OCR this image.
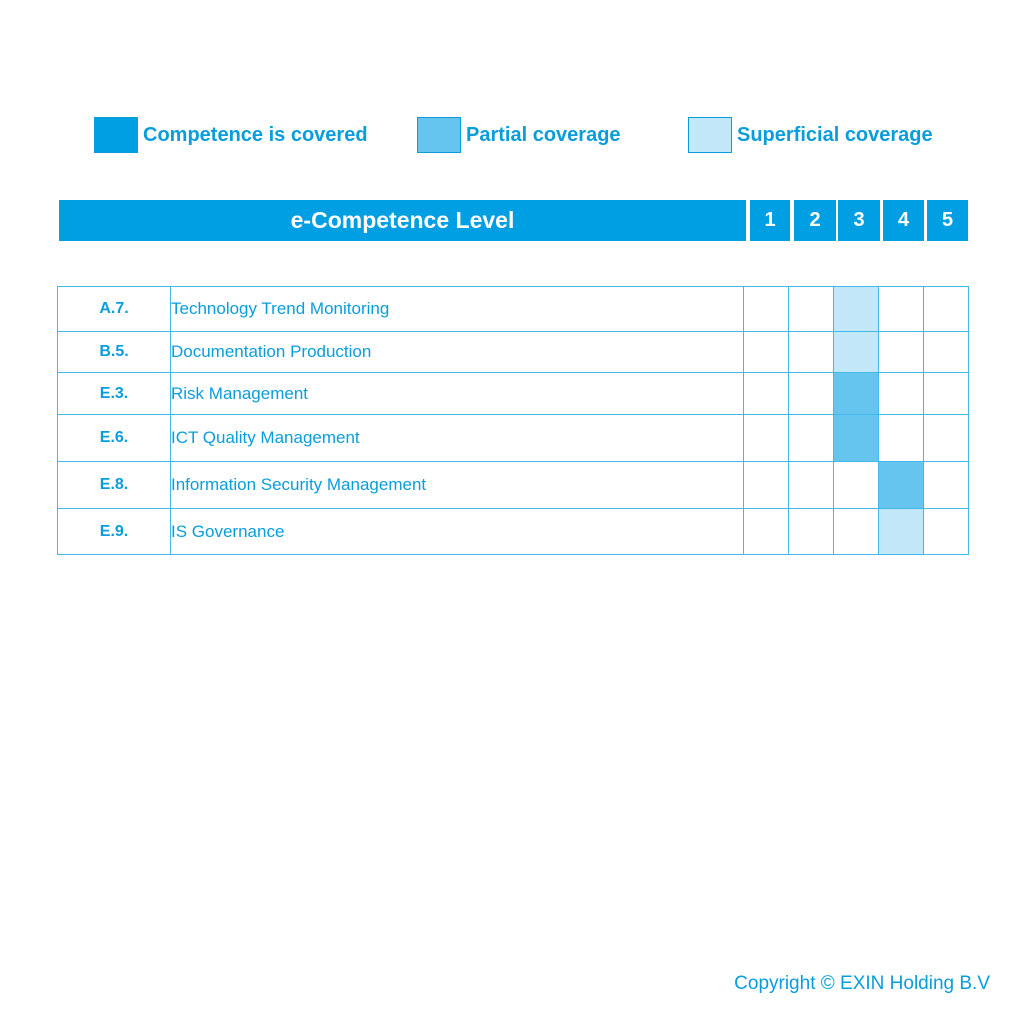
Competence is covered	Partial coverage	Superficial coverage
e-Competence Level	1	2	3	4	5
A.7.	Technology Trend Monitoring					
B.5.	Documentation Production					
E.3.	Risk Management					
E.6.	ICT Quality Management					
E.8.	Information Security Management					
E.9.	IS Governance					
Copyright © EXIN Holding B.V
